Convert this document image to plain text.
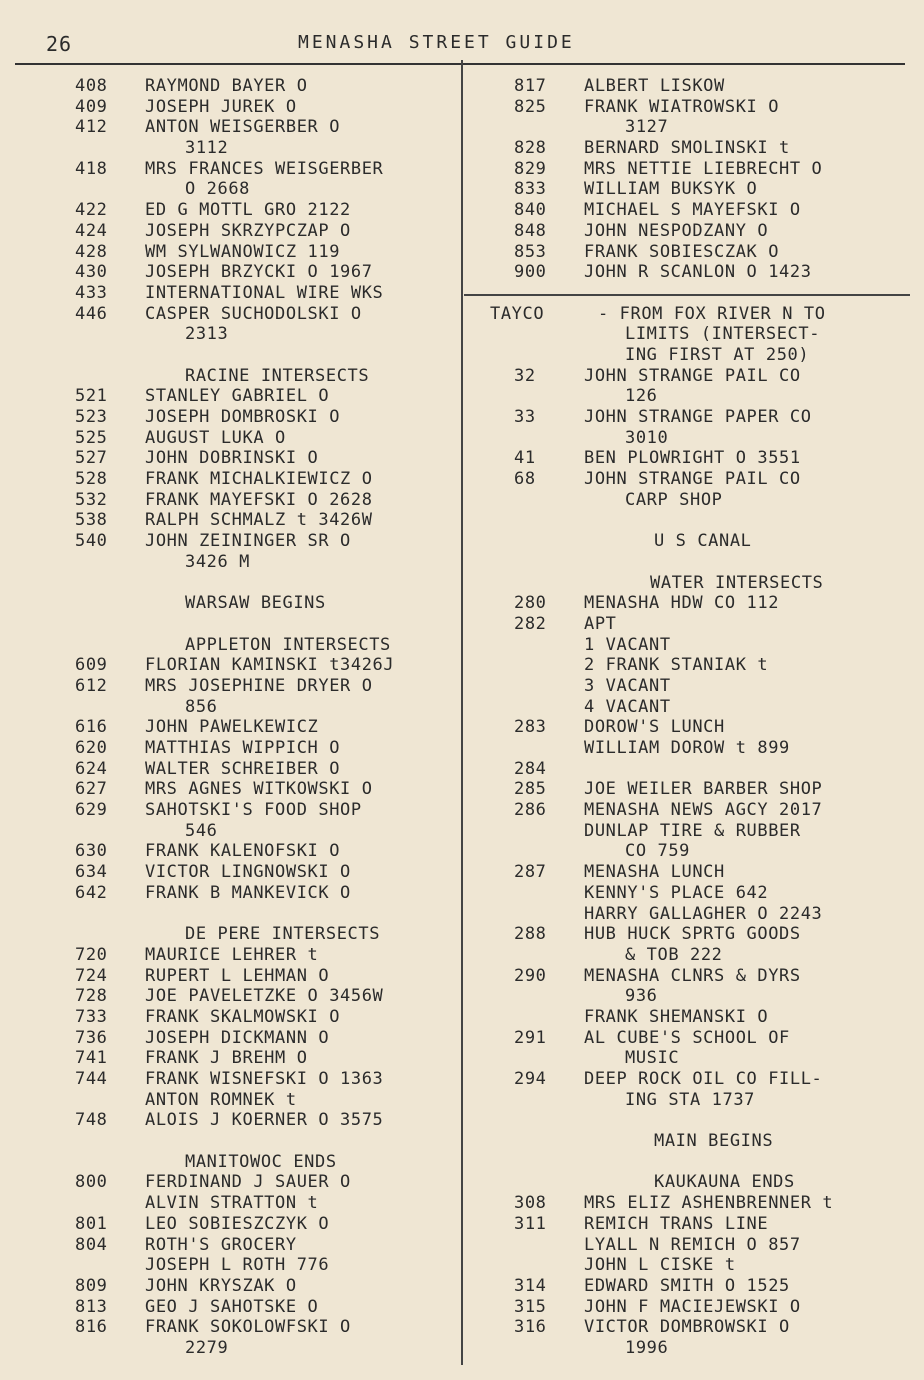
26	MENASHA STREET GUIDE
408	RAYMOND BAYER O
409	JOSEPH JUREK O
412	ANTON WEISGERBER O
3112
418	MRS FRANCES WEISGERBER
O 2668
422	ED G MOTTL GRO 2122
424	JOSEPH SKRZYPCZAP O
428	WM SYLWANOWICZ 119
430	JOSEPH BRZYCKI O 1967
433	INTERNATIONAL WIRE WKS
446	CASPER SUCHODOLSKI O
2313
RACINE INTERSECTS
521	STANLEY GABRIEL O
523	JOSEPH DOMBROSKI O
525	AUGUST LUKA O
527	JOHN DOBRINSKI O
528	FRANK MICHALKIEWICZ O
532	FRANK MAYEFSKI O 2628
538	RALPH SCHMALZ t 3426W
540	JOHN ZEININGER SR O
3426 M
WARSAW BEGINS
APPLETON INTERSECTS
609	FLORIAN KAMINSKI t3426J
612	MRS JOSEPHINE DRYER O
856
616	JOHN PAWELKEWICZ
620	MATTHIAS WIPPICH O
624	WALTER SCHREIBER O
627	MRS AGNES WITKOWSKI O
629	SAHOTSKI'S FOOD SHOP
546
630	FRANK KALENOFSKI O
634	VICTOR LINGNOWSKI O
642	FRANK B MANKEVICK O
DE PERE INTERSECTS
720	MAURICE LEHRER t
724	RUPERT L LEHMAN O
728	JOE PAVELETZKE O 3456W
733	FRANK SKALMOWSKI O
736	JOSEPH DICKMANN O
741	FRANK J BREHM O
744	FRANK WISNEFSKI O 1363
ANTON ROMNEK t
748	ALOIS J KOERNER O 3575
MANITOWOC ENDS
800	FERDINAND J SAUER O
ALVIN STRATTON t
801	LEO SOBIESZCZYK O
804	ROTH'S GROCERY
JOSEPH L ROTH 776
809	JOHN KRYSZAK O
813	GEO J SAHOTSKE O
816	FRANK SOKOLOWFSKI O
2279
817	ALBERT LISKOW
825	FRANK WIATROWSKI O
3127
828	BERNARD SMOLINSKI t
829	MRS NETTIE LIEBRECHT O
833	WILLIAM BUKSYK O
840	MICHAEL S MAYEFSKI O
848	JOHN NESPODZANY O
853	FRANK SOBIESCZAK O
900	JOHN R SCANLON O 1423
TAYCO	- FROM FOX RIVER N TO
LIMITS (INTERSECT-
ING FIRST AT 250)
32	JOHN STRANGE PAIL CO
126
33	JOHN STRANGE PAPER CO
3010
41	BEN PLOWRIGHT O 3551
68	JOHN STRANGE PAIL CO
CARP SHOP
U S CANAL
WATER INTERSECTS
280	MENASHA HDW CO 112
282	APT
1 VACANT
2 FRANK STANIAK t
3 VACANT
4 VACANT
283	DOROW'S LUNCH
WILLIAM DOROW t 899
284
285	JOE WEILER BARBER SHOP
286	MENASHA NEWS AGCY 2017
DUNLAP TIRE & RUBBER
CO 759
287	MENASHA LUNCH
KENNY'S PLACE 642
HARRY GALLAGHER O 2243
288	HUB HUCK SPRTG GOODS
& TOB 222
290	MENASHA CLNRS & DYRS
936
FRANK SHEMANSKI O
291	AL CUBE'S SCHOOL OF
MUSIC
294	DEEP ROCK OIL CO FILL-
ING STA 1737
MAIN BEGINS
KAUKAUNA ENDS
308	MRS ELIZ ASHENBRENNER t
311	REMICH TRANS LINE
LYALL N REMICH O 857
JOHN L CISKE t
314	EDWARD SMITH O 1525
315	JOHN F MACIEJEWSKI O
316	VICTOR DOMBROWSKI O
1996
